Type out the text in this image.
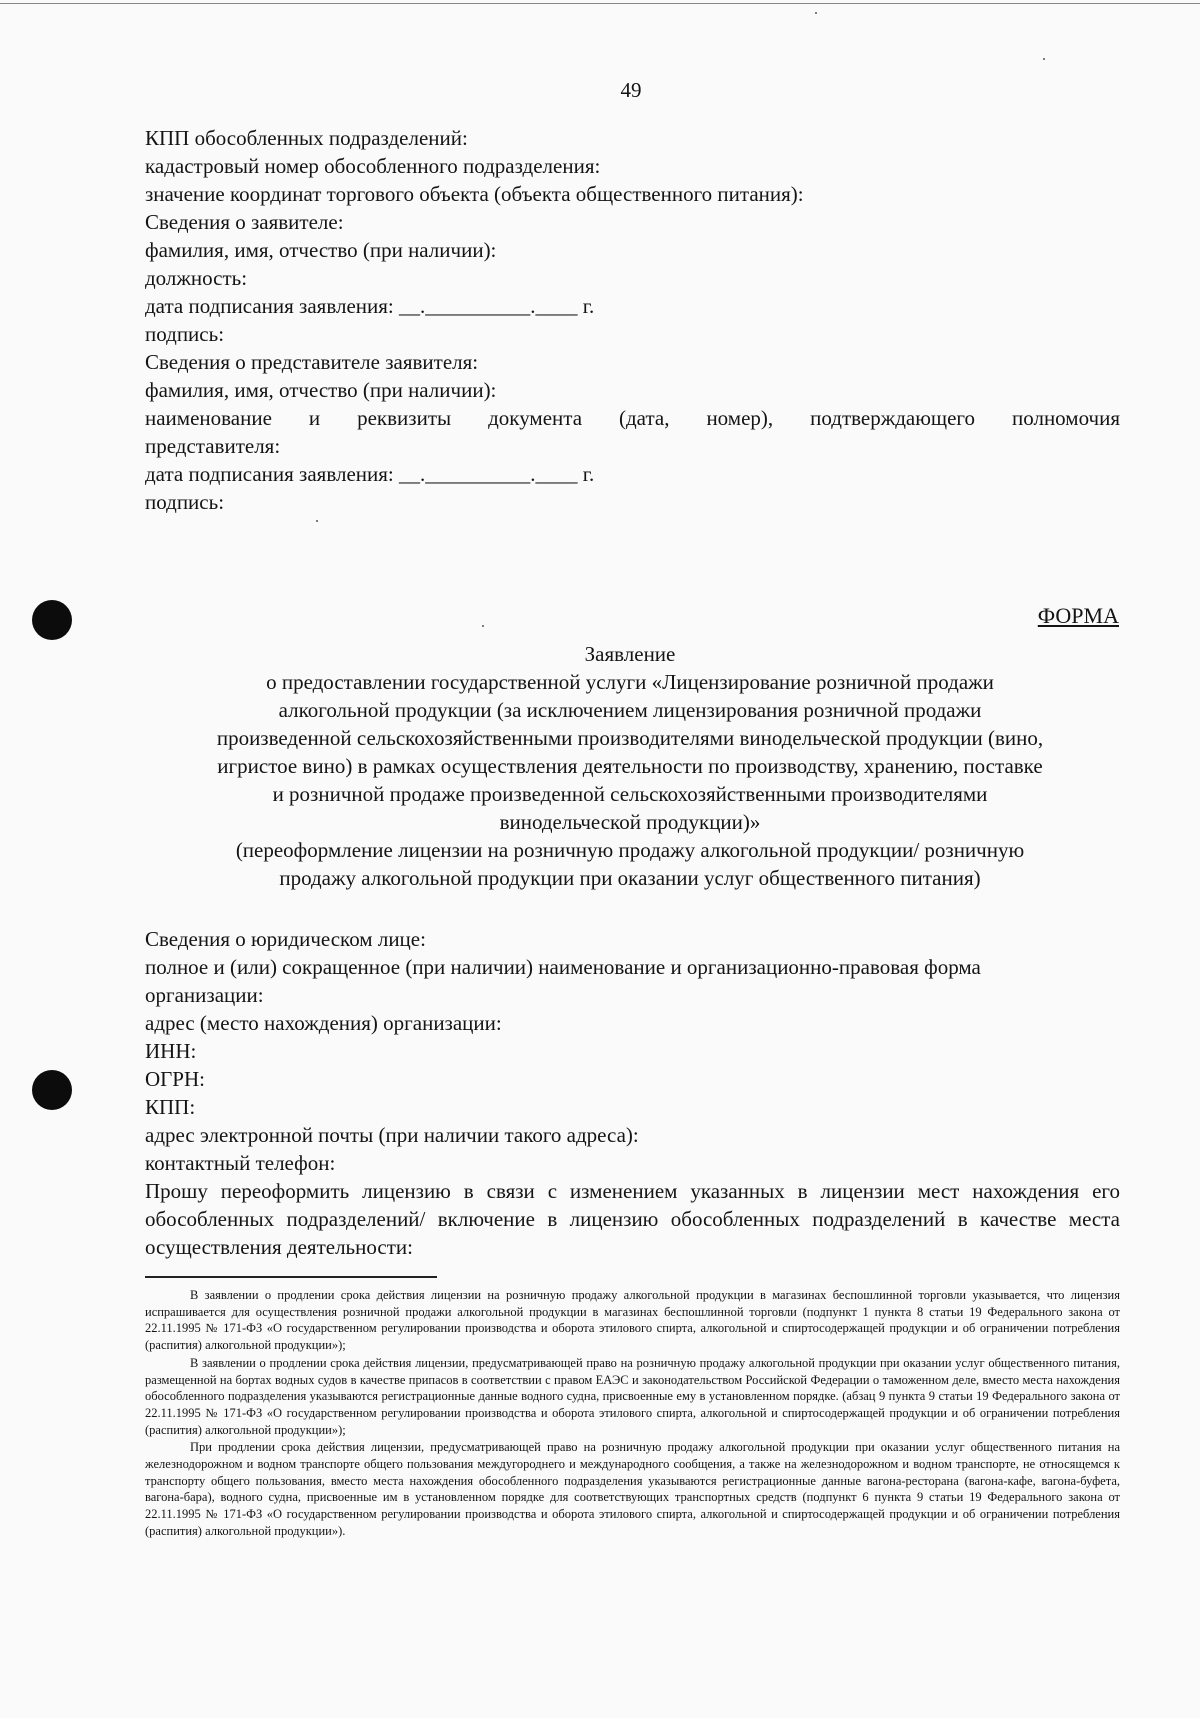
49
КПП обособленных подразделений:
кадастровый номер обособленного подразделения:
значение координат торгового объекта (объекта общественного питания):
Сведения о заявителе:
фамилия, имя, отчество (при наличии):
должность:
дата подписания заявления: __.__________.____ г.
подпись:
Сведения о представителе заявителя:
фамилия, имя, отчество (при наличии):
наименование и реквизиты документа (дата, номер), подтверждающего полномочия
представителя:
дата подписания заявления: __.__________.____ г.
подпись:
ФОРМА
Заявление
о предоставлении государственной услуги «Лицензирование розничной продажи
алкогольной продукции (за исключением лицензирования розничной продажи
произведенной сельскохозяйственными производителями винодельческой продукции (вино,
игристое вино) в рамках осуществления деятельности по производству, хранению, поставке
и розничной продаже произведенной сельскохозяйственными производителями
винодельческой продукции)»
(переоформление лицензии на розничную продажу алкогольной продукции/ розничную
продажу алкогольной продукции при оказании услуг общественного питания)
Сведения о юридическом лице:
полное и (или) сокращенное (при наличии) наименование и организационно-правовая форма
организации:
адрес (место нахождения) организации:
ИНН:
ОГРН:
КПП:
адрес электронной почты (при наличии такого адреса):
контактный телефон:
Прошу переоформить лицензию в связи с изменением указанных в лицензии мест нахождения его обособленных подразделений/ включение в лицензию обособленных подразделений в качестве места осуществления деятельности:

В заявлении о продлении срока действия лицензии на розничную продажу алкогольной продукции в магазинах беспошлинной торговли указывается, что лицензия испрашивается для осуществления розничной продажи алкогольной продукции в магазинах беспошлинной торговли (подпункт 1 пункта 8 статьи 19 Федерального закона от 22.11.1995 № 171-ФЗ «О государственном регулировании производства и оборота этилового спирта, алкогольной и спиртосодержащей продукции и об ограничении потребления (распития) алкогольной продукции»);

В заявлении о продлении срока действия лицензии, предусматривающей право на розничную продажу алкогольной продукции при оказании услуг общественного питания, размещенной на бортах водных судов в качестве припасов в соответствии с правом ЕАЭС и законодательством Российской Федерации о таможенном деле, вместо места нахождения обособленного подразделения указываются регистрационные данные водного судна, присвоенные ему в установленном порядке. (абзац 9 пункта 9 статьи 19 Федерального закона от 22.11.1995 № 171-ФЗ «О государственном регулировании производства и оборота этилового спирта, алкогольной и спиртосодержащей продукции и об ограничении потребления (распития) алкогольной продукции»);

При продлении срока действия лицензии, предусматривающей право на розничную продажу алкогольной продукции при оказании услуг общественного питания на железнодорожном и водном транспорте общего пользования междугороднего и международного сообщения, а также на железнодорожном и водном транспорте, не относящемся к транспорту общего пользования, вместо места нахождения обособленного подразделения указываются регистрационные данные вагона-ресторана (вагона-кафе, вагона-буфета, вагона-бара), водного судна, присвоенные им в установленном порядке для соответствующих транспортных средств (подпункт 6 пункта 9 статьи 19 Федерального закона от 22.11.1995 № 171-ФЗ «О государственном регулировании производства и оборота этилового спирта, алкогольной и спиртосодержащей продукции и об ограничении потребления (распития) алкогольной продукции»).
